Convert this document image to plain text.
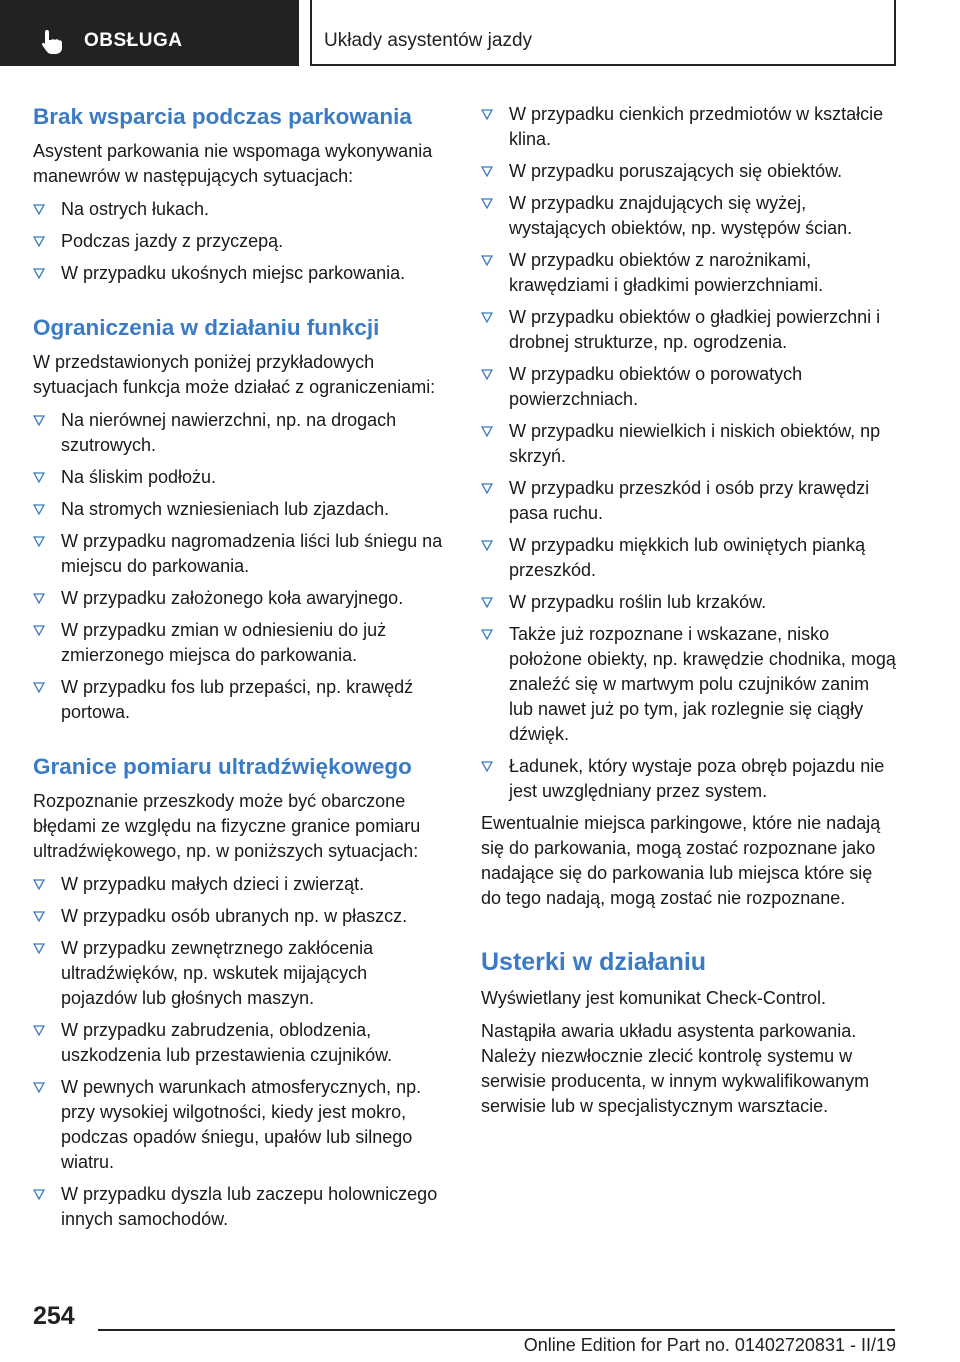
OBSŁUGA	Układy asystentów jazdy
Brak wsparcia podczas parkowania

Asystent parkowania nie wspomaga wykonywania manewrów w następujących sytuacjach:

Na ostrych łukach.
Podczas jazdy z przyczepą.
W przypadku ukośnych miejsc parkowania.
Ograniczenia w działaniu funkcji

W przedstawionych poniżej przykładowych sytuacjach funkcja może działać z ograniczeniami:

Na nierównej nawierzchni, np. na drogach szutrowych.
Na śliskim podłożu.
Na stromych wzniesieniach lub zjazdach.
W przypadku nagromadzenia liści lub śniegu na miejscu do parkowania.
W przypadku założonego koła awaryjnego.
W przypadku zmian w odniesieniu do już zmierzonego miejsca do parkowania.
W przypadku fos lub przepaści, np. krawędź portowa.
Granice pomiaru ultradźwiękowego

Rozpoznanie przeszkody może być obarczone błędami ze względu na fizyczne granice pomiaru ultradźwiękowego, np. w poniższych sytuacjach:

W przypadku małych dzieci i zwierząt.
W przypadku osób ubranych np. w płaszcz.
W przypadku zewnętrznego zakłócenia ultradźwięków, np. wskutek mijających pojazdów lub głośnych maszyn.
W przypadku zabrudzenia, oblodzenia, uszkodzenia lub przestawienia czujników.
W pewnych warunkach atmosferycznych, np. przy wysokiej wilgotności, kiedy jest mokro, podczas opadów śniegu, upałów lub silnego wiatru.
W przypadku dyszla lub zaczepu holowniczego innych samochodów.
W przypadku cienkich przedmiotów w kształcie klina.
W przypadku poruszających się obiektów.
W przypadku znajdujących się wyżej, wystających obiektów, np. występów ścian.
W przypadku obiektów z narożnikami, krawędziami i gładkimi powierzchniami.
W przypadku obiektów o gładkiej powierzchni i drobnej strukturze, np. ogrodzenia.
W przypadku obiektów o porowatych powierzchniach.
W przypadku niewielkich i niskich obiektów, np skrzyń.
W przypadku przeszkód i osób przy krawędzi pasa ruchu.
W przypadku miękkich lub owiniętych pianką przeszkód.
W przypadku roślin lub krzaków.
Także już rozpoznane i wskazane, nisko położone obiekty, np. krawędzie chodnika, mogą znaleźć się w martwym polu czujników zanim lub nawet już po tym, jak rozlegnie się ciągły dźwięk.
Ładunek, który wystaje poza obręb pojazdu nie jest uwzględniany przez system.

Ewentualnie miejsca parkingowe, które nie nadają się do parkowania, mogą zostać rozpoznane jako nadające się do parkowania lub miejsca które się do tego nadają, mogą zostać nie rozpoznane.

Usterki w działaniu

Wyświetlany jest komunikat Check-Control.

Nastąpiła awaria układu asystenta parkowania. Należy niezwłocznie zlecić kontrolę systemu w serwisie producenta, w innym wykwalifikowanym serwisie lub w specjalistycznym warsztacie.

254
Online Edition for Part no. 01402720831 - II/19
